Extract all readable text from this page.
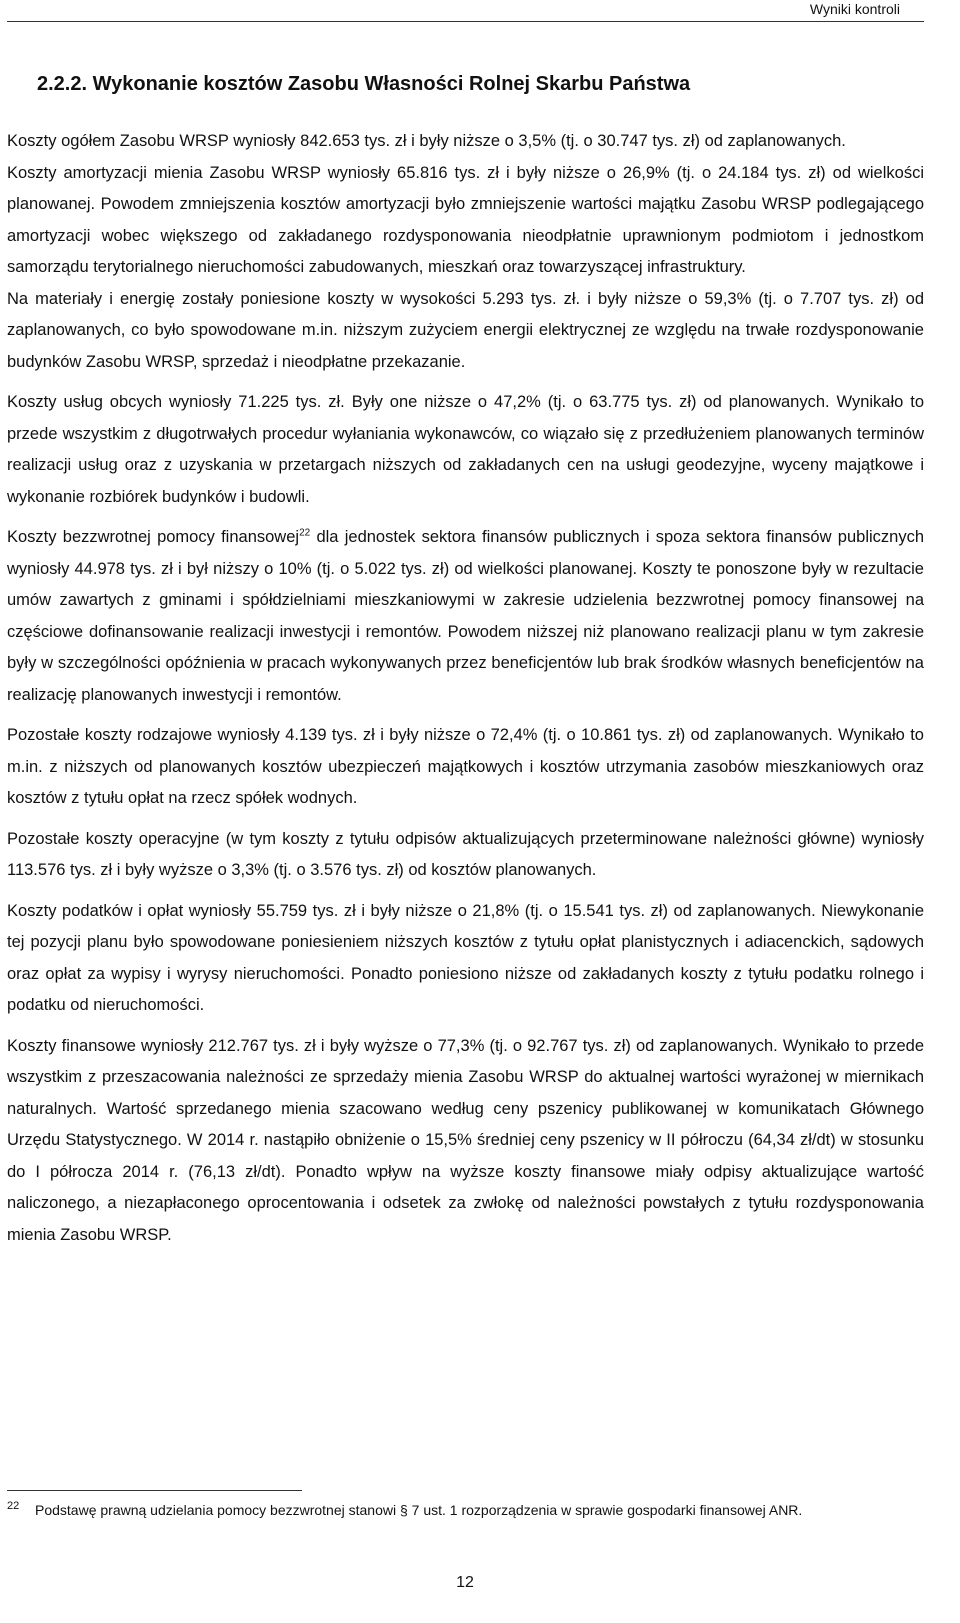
Wyniki kontroli
2.2.2. Wykonanie kosztów Zasobu Własności Rolnej Skarbu Państwa

Koszty ogółem Zasobu WRSP wyniosły 842.653 tys. zł i były niższe o 3,5% (tj. o 30.747 tys. zł) od zaplanowanych.

Koszty amortyzacji mienia Zasobu WRSP wyniosły 65.816 tys. zł i były niższe o 26,9% (tj. o 24.184 tys. zł) od wielkości planowanej. Powodem zmniejszenia kosztów amortyzacji było zmniejszenie wartości majątku Zasobu WRSP podlegającego amortyzacji wobec większego od zakładanego rozdysponowania nieodpłatnie uprawnionym podmiotom i jednostkom samorządu terytorialnego nieruchomości zabudowanych, mieszkań oraz towarzyszącej infrastruktury.

Na materiały i energię zostały poniesione koszty w wysokości 5.293 tys. zł. i były niższe o 59,3% (tj. o 7.707 tys. zł) od zaplanowanych, co było spowodowane m.in. niższym zużyciem energii elektrycznej ze względu na trwałe rozdysponowanie budynków Zasobu WRSP, sprzedaż i nieodpłatne przekazanie.

Koszty usług obcych wyniosły 71.225 tys. zł. Były one niższe o 47,2% (tj. o 63.775 tys. zł) od planowanych. Wynikało to przede wszystkim z długotrwałych procedur wyłaniania wykonawców, co wiązało się z przedłużeniem planowanych terminów realizacji usług oraz z uzyskania w przetargach niższych od zakładanych cen na usługi geodezyjne, wyceny majątkowe i wykonanie rozbiórek budynków i budowli.

Koszty bezzwrotnej pomocy finansowej$^{22}$ dla jednostek sektora finansów publicznych i spoza sektora finansów publicznych wyniosły 44.978 tys. zł i był niższy o 10% (tj. o 5.022 tys. zł) od wielkości planowanej. Koszty te ponoszone były w rezultacie umów zawartych z gminami i spółdzielniami mieszkaniowymi w zakresie udzielenia bezzwrotnej pomocy finansowej na częściowe dofinansowanie realizacji inwestycji i remontów. Powodem niższej niż planowano realizacji planu w tym zakresie były w szczególności opóźnienia w pracach wykonywanych przez beneficjentów lub brak środków własnych beneficjentów na realizację planowanych inwestycji i remontów.

Pozostałe koszty rodzajowe wyniosły 4.139 tys. zł i były niższe o 72,4% (tj. o 10.861 tys. zł) od zaplanowanych. Wynikało to m.in. z niższych od planowanych kosztów ubezpieczeń majątkowych i kosztów utrzymania zasobów mieszkaniowych oraz kosztów z tytułu opłat na rzecz spółek wodnych.

Pozostałe koszty operacyjne (w tym koszty z tytułu odpisów aktualizujących przeterminowane należności główne) wyniosły 113.576 tys. zł i były wyższe o 3,3% (tj. o 3.576 tys. zł) od kosztów planowanych.

Koszty podatków i opłat wyniosły 55.759 tys. zł i były niższe o 21,8% (tj. o 15.541 tys. zł) od zaplanowanych. Niewykonanie tej pozycji planu było spowodowane poniesieniem niższych kosztów z tytułu opłat planistycznych i adiacenckich, sądowych oraz opłat za wypisy i wyrysy nieruchomości. Ponadto poniesiono niższe od zakładanych koszty z tytułu podatku rolnego i podatku od nieruchomości.

Koszty finansowe wyniosły 212.767 tys. zł i były wyższe o 77,3% (tj. o 92.767 tys. zł) od zaplanowanych. Wynikało to przede wszystkim z przeszacowania należności ze sprzedaży mienia Zasobu WRSP do aktualnej wartości wyrażonej w miernikach naturalnych. Wartość sprzedanego mienia szacowano według ceny pszenicy publikowanej w komunikatach Głównego Urzędu Statystycznego. W 2014 r. nastąpiło obniżenie o 15,5% średniej ceny pszenicy w II półroczu (64,34 zł/dt) w stosunku do I półrocza 2014 r. (76,13 zł/dt). Ponadto wpływ na wyższe koszty finansowe miały odpisy aktualizujące wartość naliczonego, a niezapłaconego oprocentowania i odsetek za zwłokę od należności powstałych z tytułu rozdysponowania mienia Zasobu WRSP.

22 Podstawę prawną udzielania pomocy bezzwrotnej stanowi § 7 ust. 1 rozporządzenia w sprawie gospodarki finansowej ANR.
12
